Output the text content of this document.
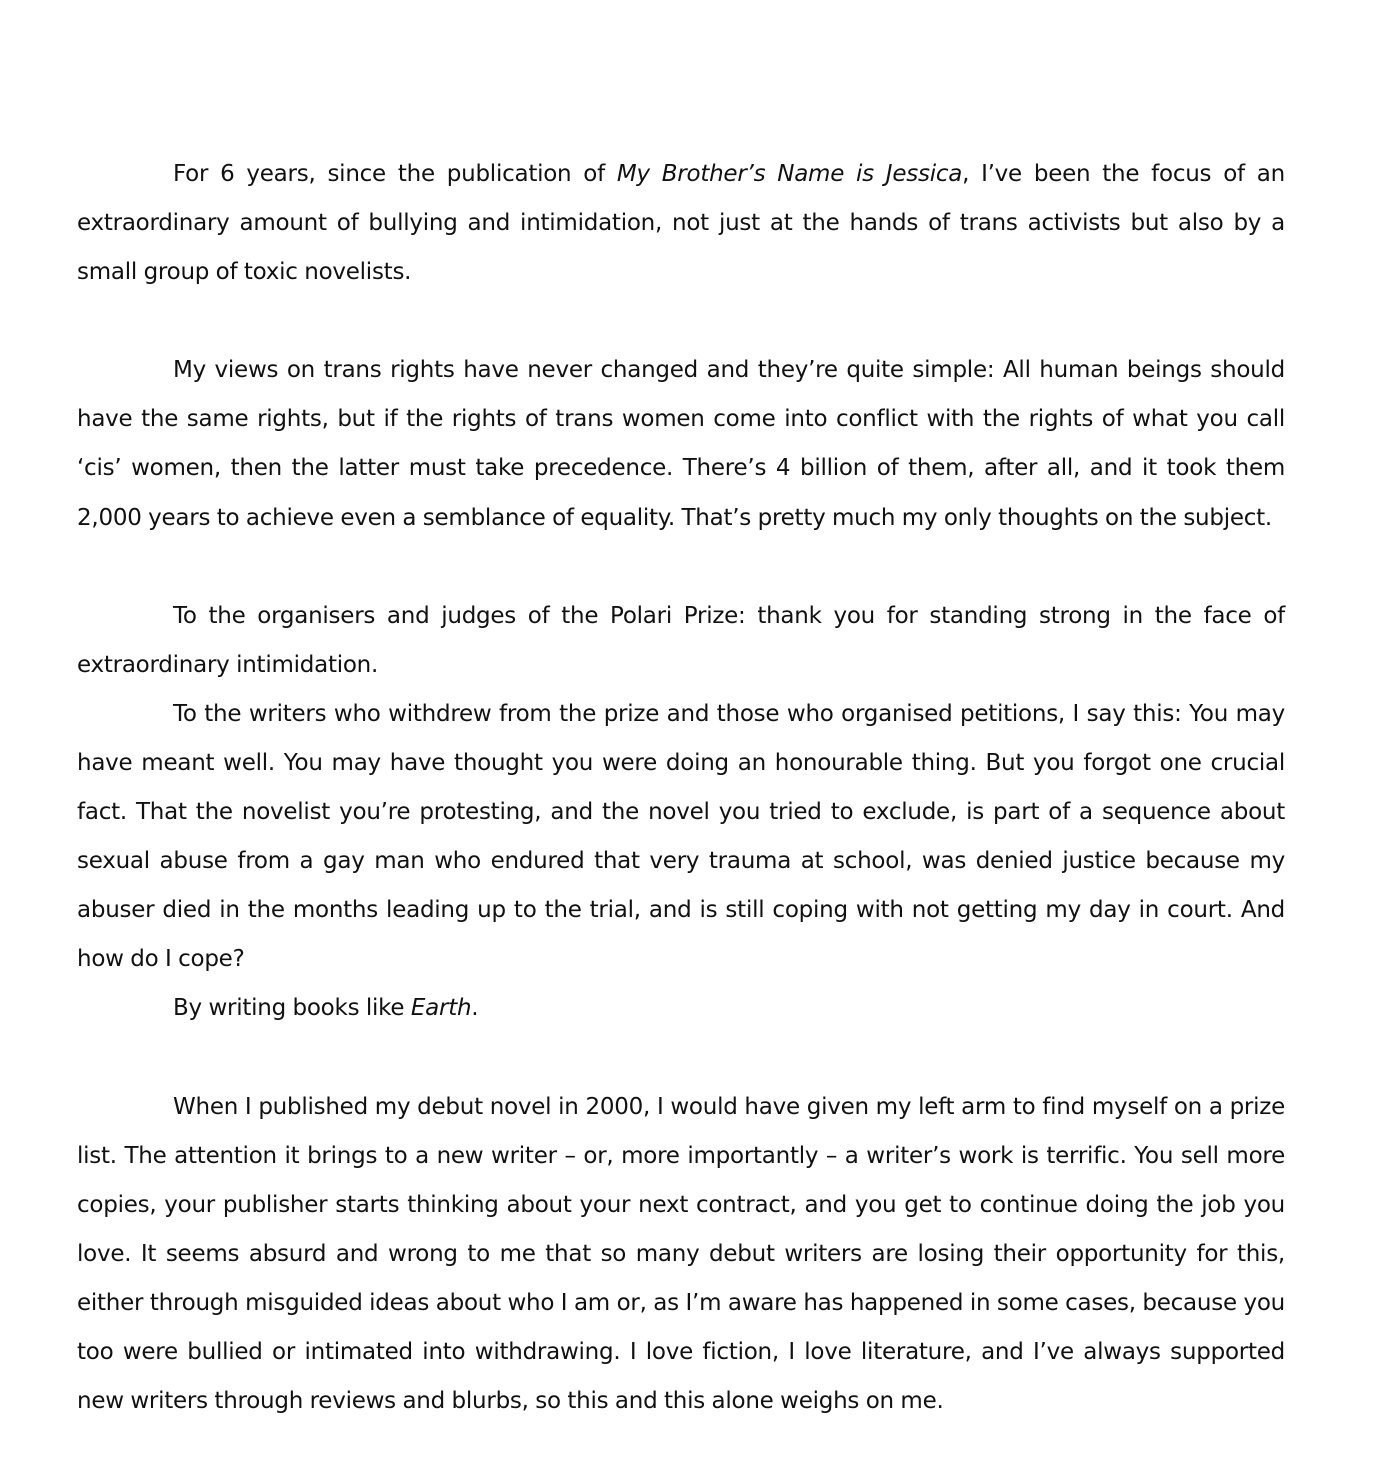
For 6 years, since the publication of My Brother’s Name is Jessica, I’ve been the focus of an extraordinary amount of bullying and intimidation, not just at the hands of trans activists but also by a small group of toxic novelists.

My views on trans rights have never changed and they’re quite simple: All human beings should have the same rights, but if the rights of trans women come into conflict with the rights of what you call ‘cis’ women, then the latter must take precedence. There’s 4 billion of them, after all, and it took them 2,000 years to achieve even a semblance of equality. That’s pretty much my only thoughts on the subject.

To the organisers and judges of the Polari Prize: thank you for standing strong in the face of extraordinary intimidation.

To the writers who withdrew from the prize and those who organised petitions, I say this: You may have meant well. You may have thought you were doing an honourable thing. But you forgot one crucial fact. That the novelist you’re protesting, and the novel you tried to exclude, is part of a sequence about sexual abuse from a gay man who endured that very trauma at school, was denied justice because my abuser died in the months leading up to the trial, and is still coping with not getting my day in court. And how do I cope?

By writing books like Earth.

When I published my debut novel in 2000, I would have given my left arm to find myself on a prize list. The attention it brings to a new writer – or, more importantly – a writer’s work is terrific. You sell more copies, your publisher starts thinking about your next contract, and you get to continue doing the job you love. It seems absurd and wrong to me that so many debut writers are losing their opportunity for this, either through misguided ideas about who I am or, as I’m aware has happened in some cases, because you too were bullied or intimated into withdrawing. I love fiction, I love literature, and I’ve always supported new writers through reviews and blurbs, so this and this alone weighs on me.
